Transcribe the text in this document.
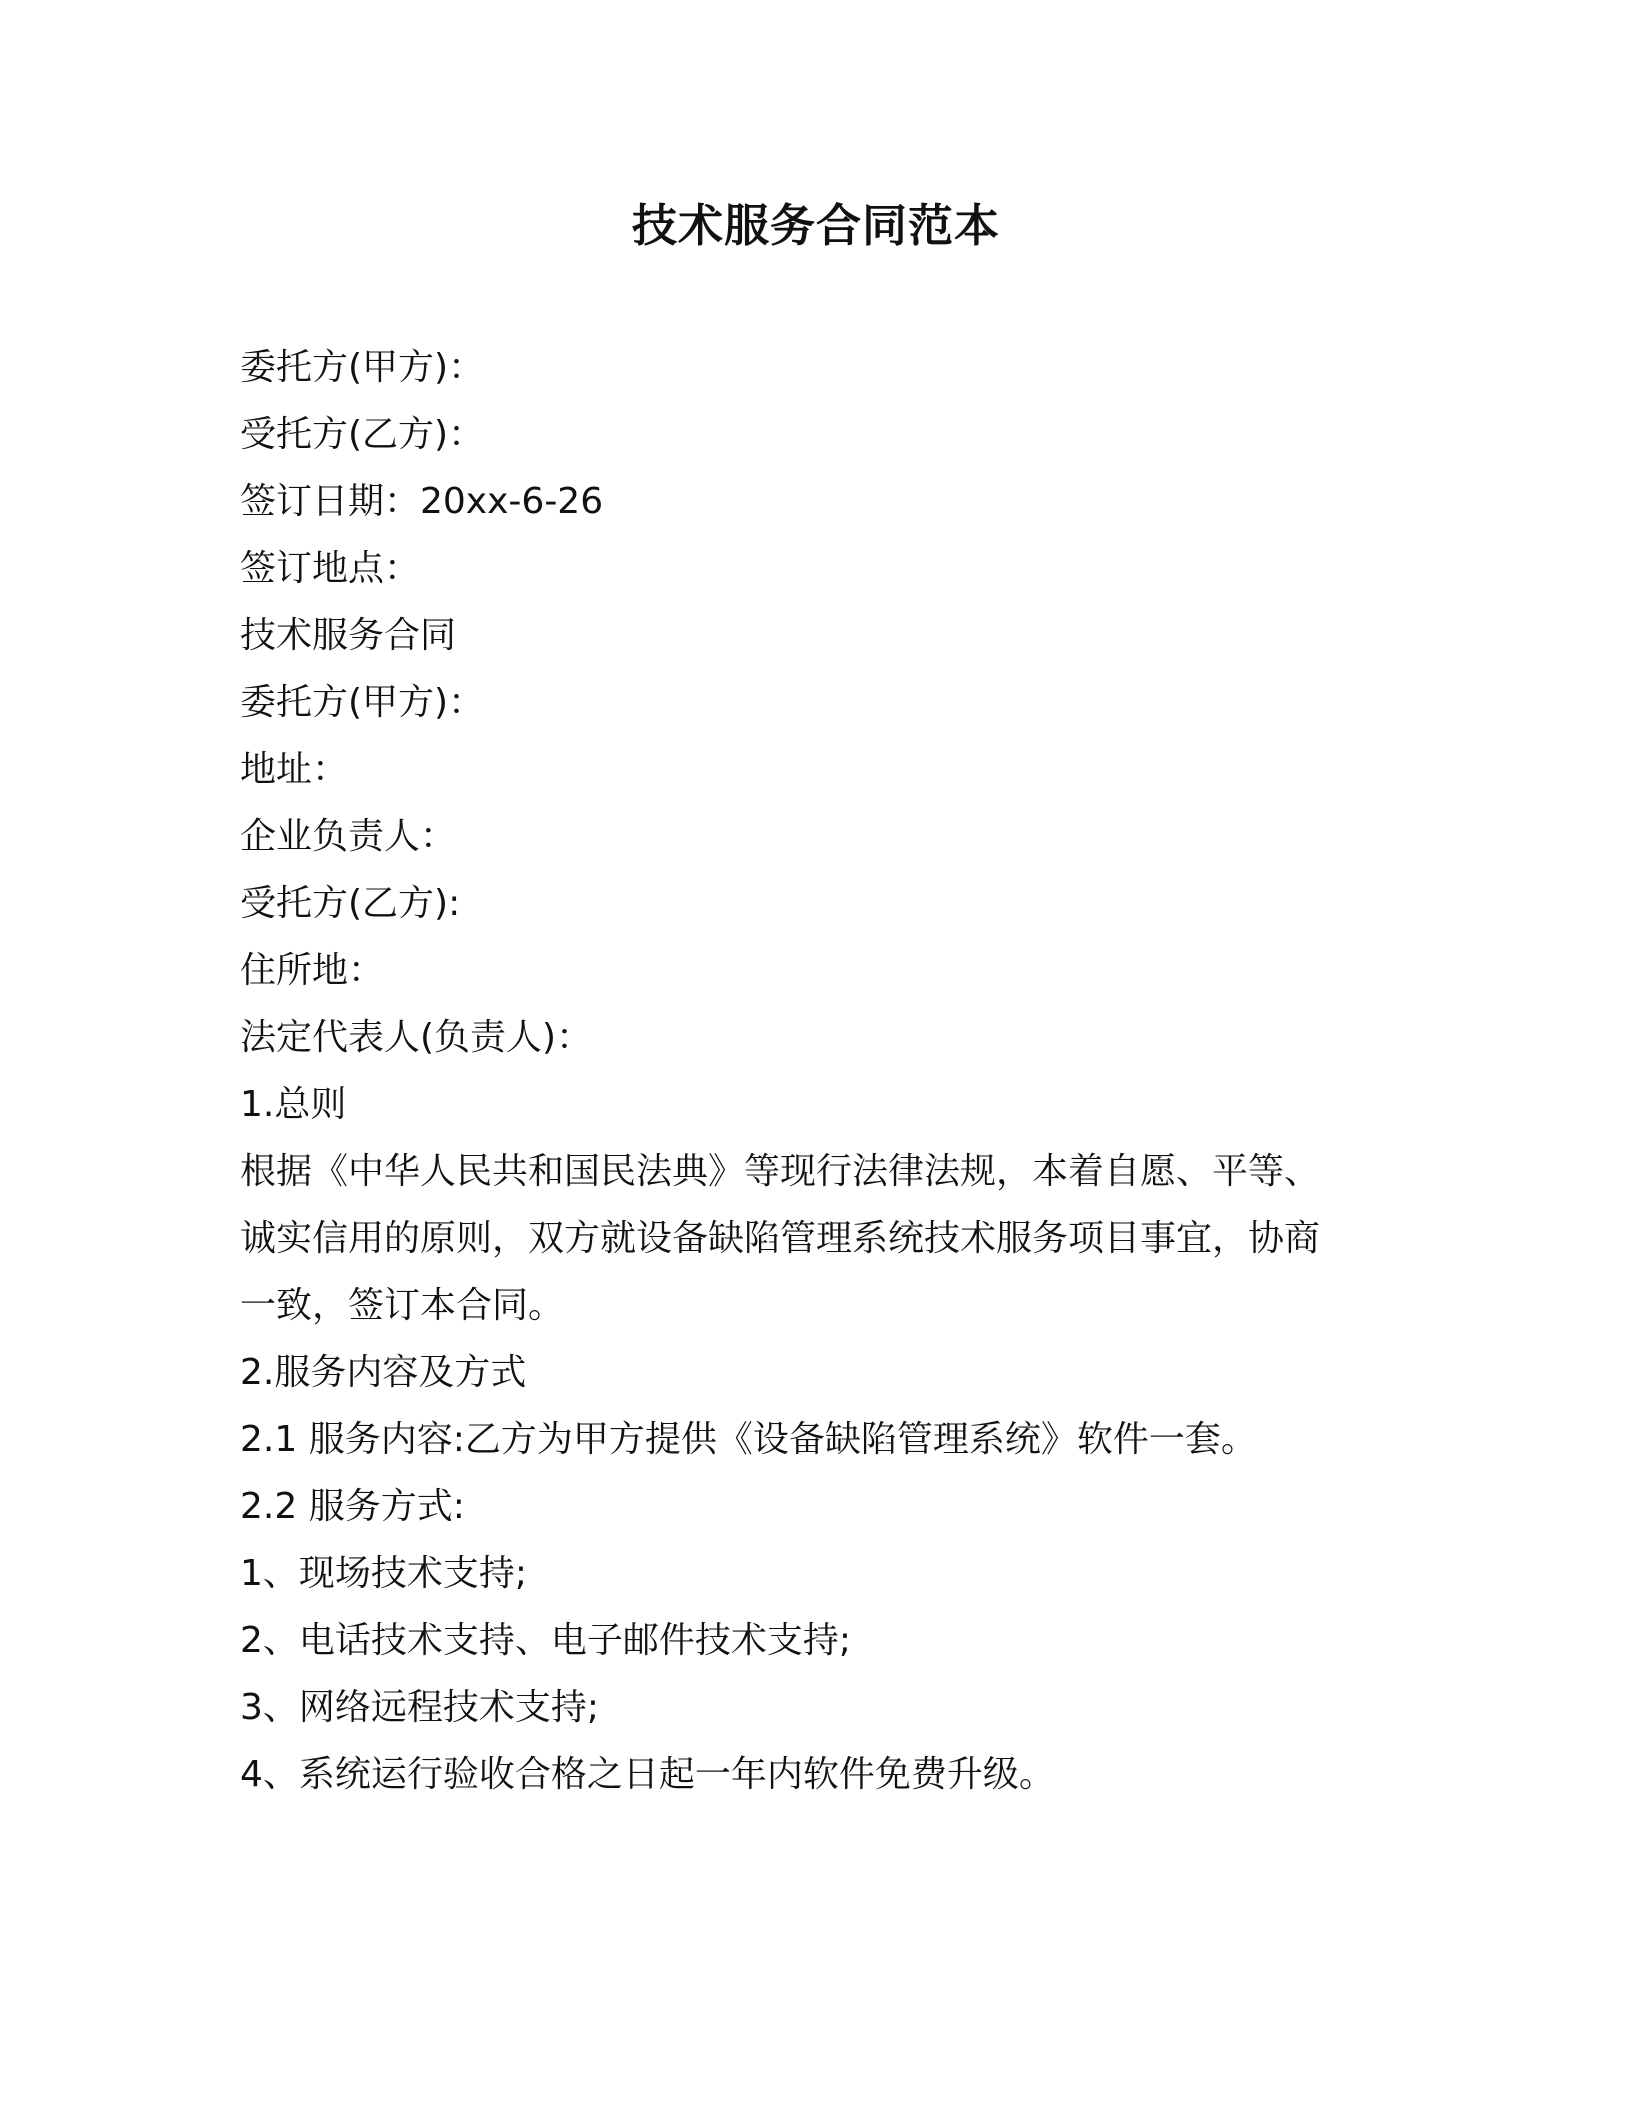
技术服务合同范本

委托方(甲方)：

受托方(乙方)：

签订日期：20xx-6-26

签订地点：

技术服务合同

委托方(甲方)：

地址：

企业负责人：

受托方(乙方):

住所地：

法定代表人(负责人)：

1.总则

根据《中华人民共和国民法典》等现行法律法规，本着自愿、平等、

诚实信用的原则，双方就设备缺陷管理系统技术服务项目事宜，协商

一致，签订本合同。

2.服务内容及方式

2.1 服务内容:乙方为甲方提供《设备缺陷管理系统》软件一套。

2.2 服务方式:

1、现场技术支持;

2、电话技术支持、电子邮件技术支持;

3、网络远程技术支持;

4、系统运行验收合格之日起一年内软件免费升级。
